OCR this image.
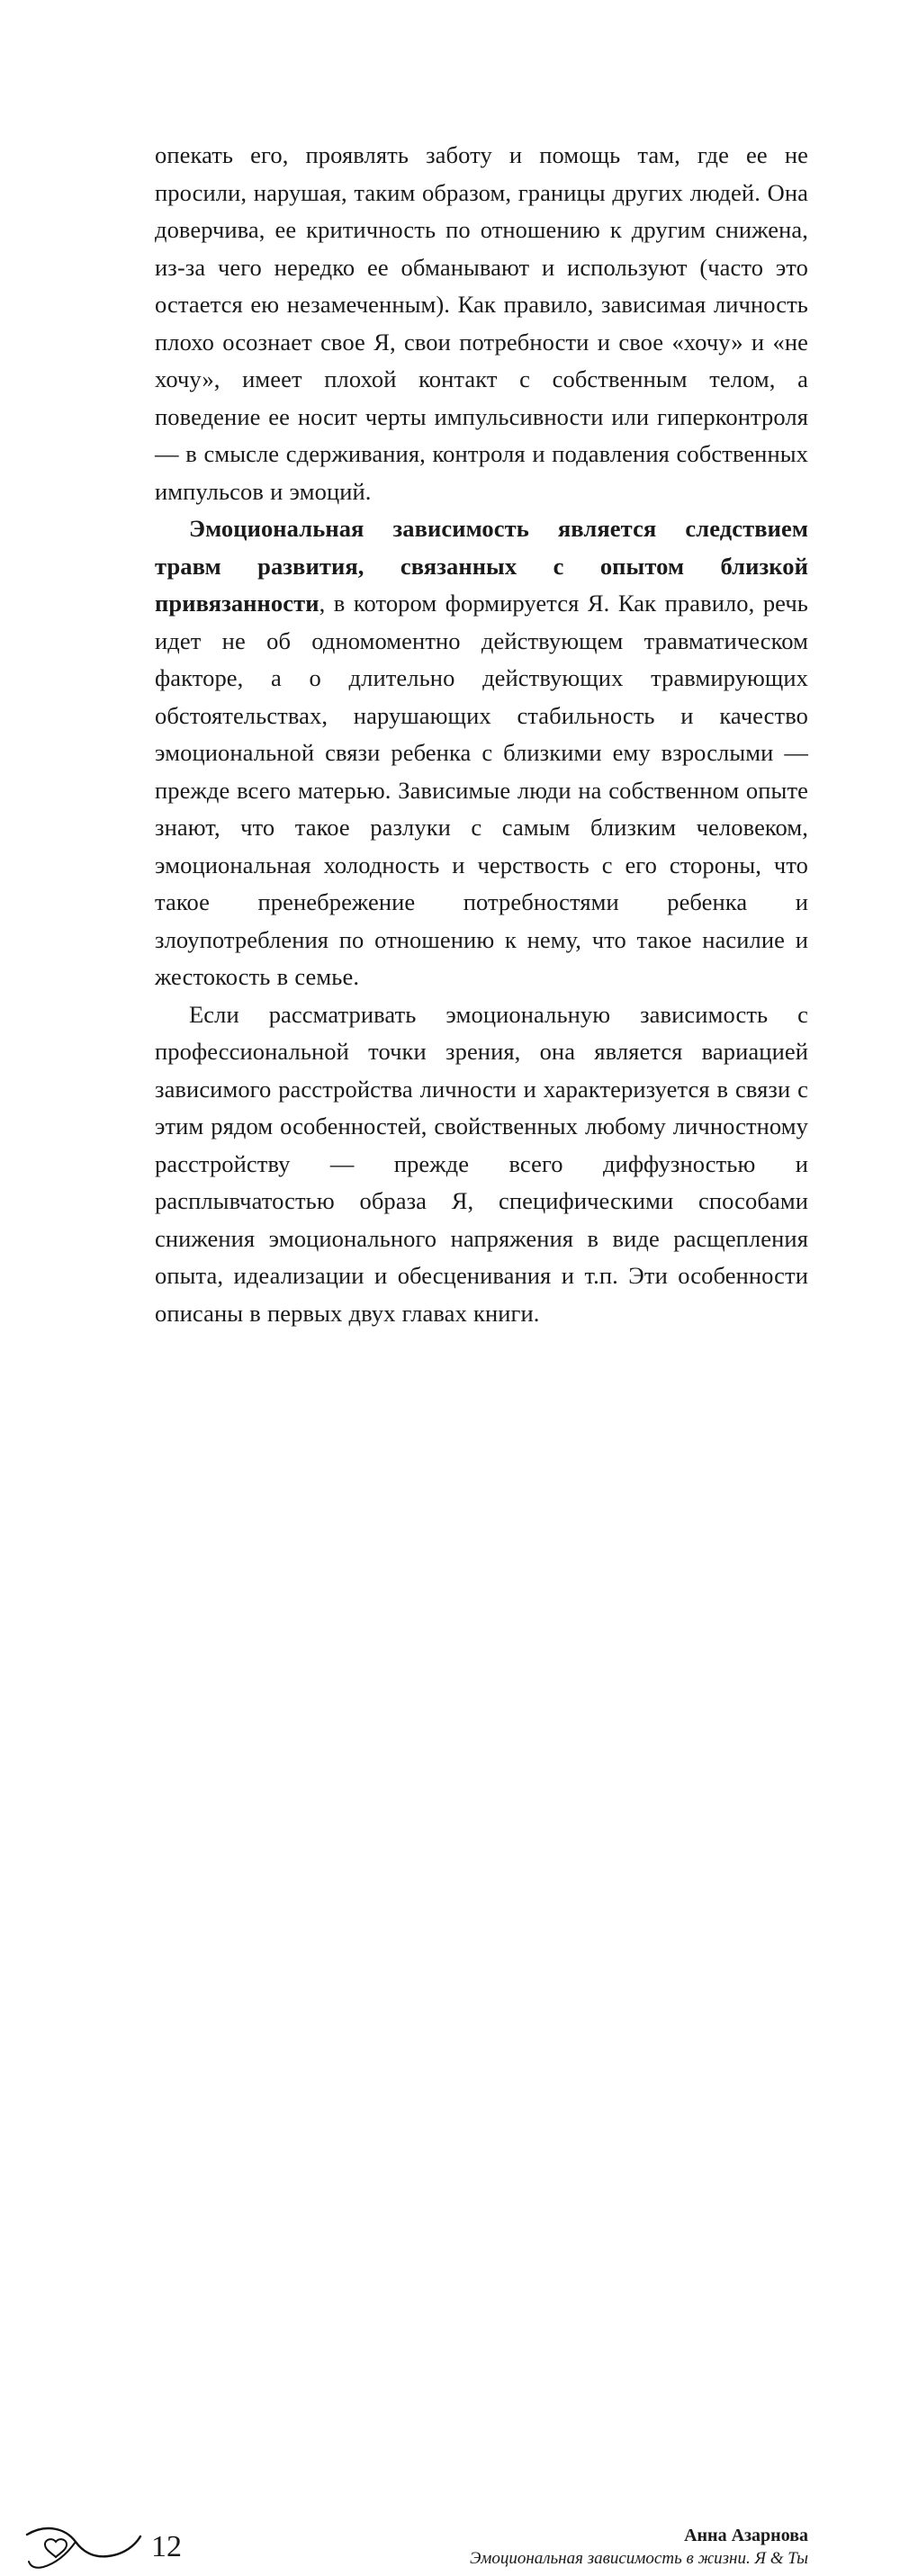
опекать его, проявлять заботу и помощь там, где ее не просили, нарушая, таким образом, границы других людей. Она доверчива, ее критичность по отношению к другим снижена, из-за чего нередко ее обманывают и используют (часто это остается ею незамеченным). Как правило, зависимая личность плохо осознает свое Я, свои потребности и свое «хочу» и «не хочу», имеет плохой контакт с собственным телом, а поведение ее носит черты импульсивности или гиперконтроля — в смысле сдерживания, контроля и подавления собственных импульсов и эмоций.

Эмоциональная зависимость является следствием травм развития, связанных с опытом близкой привязанности, в котором формируется Я. Как правило, речь идет не об одномоментно действующем травматическом факторе, а о длительно действующих травмирующих обстоятельствах, нарушающих стабильность и качество эмоциональной связи ребенка с близкими ему взрослыми — прежде всего матерью. Зависимые люди на собственном опыте знают, что такое разлуки с самым близким человеком, эмоциональная холодность и черствость с его стороны, что такое пренебрежение потребностями ребенка и злоупотребления по отношению к нему, что такое насилие и жестокость в семье.

Если рассматривать эмоциональную зависимость с профессиональной точки зрения, она является вариацией зависимого расстройства личности и характеризуется в связи с этим рядом особенностей, свойственных любому личностному расстройству — прежде всего диффузностью и расплывчатостью образа Я, специфическими способами снижения эмоционального напряжения в виде расщепления опыта, идеализации и обесценивания и т.п. Эти особенности описаны в первых двух главах книги.

12	Анна Азарнова
Эмоциональная зависимость в жизни. Я & Ты
